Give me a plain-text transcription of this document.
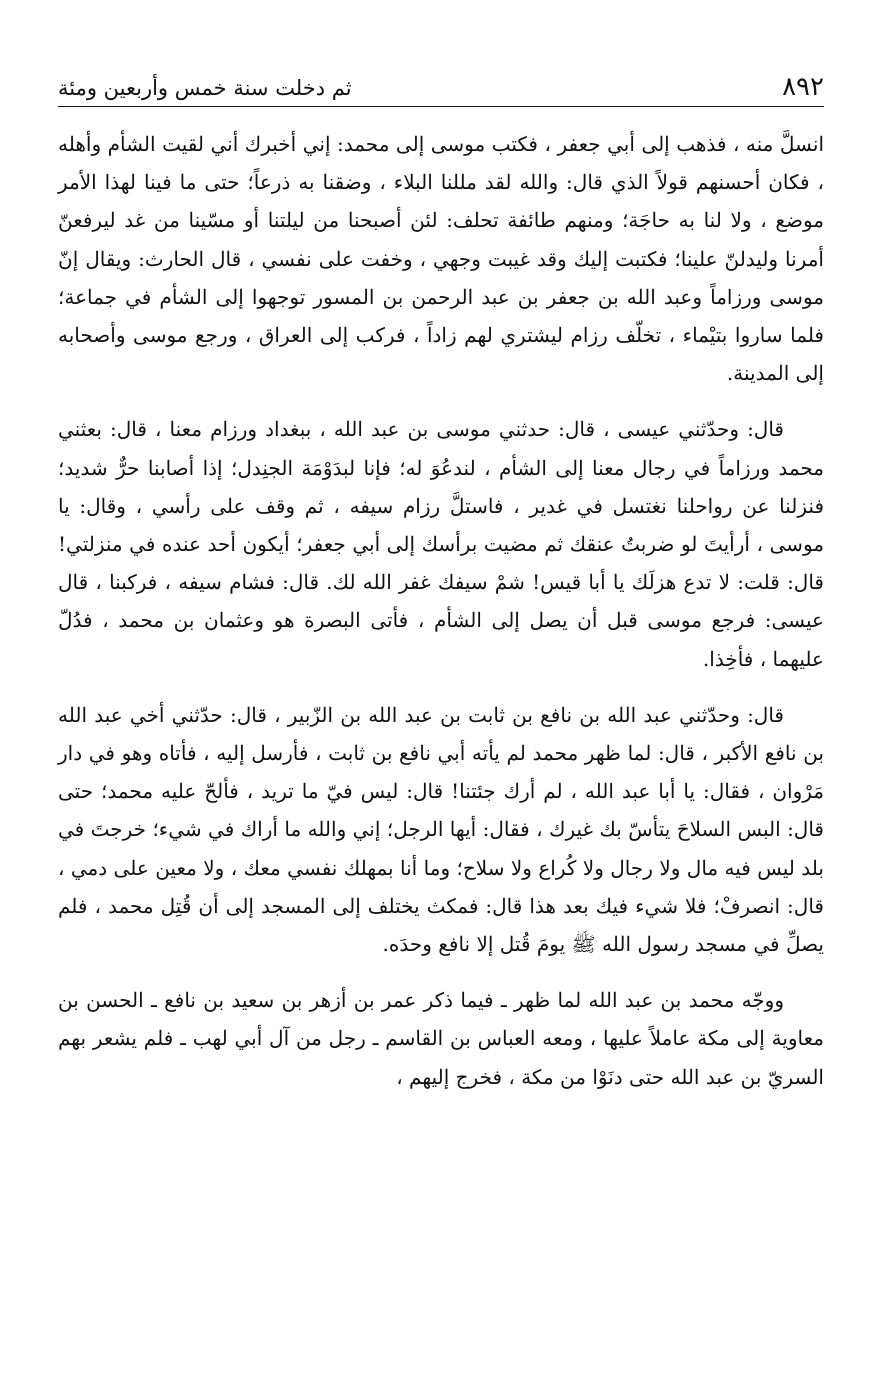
٨٩٢
ثم دخلت سنة خمس وأربعين ومئة

انسلَّ منه ، فذهب إلى أبي جعفر ، فكتب موسى إلى محمد: إني أخبرك أني لقيت الشأم وأهله ، فكان أحسنهم قولاً الذي قال: والله لقد مللنا البلاء ، وضقنا به ذرعاً؛ حتى ما فينا لهذا الأمر موضع ، ولا لنا به حاجَة؛ ومنهم طائفة تحلف: لئن أصبحنا من ليلتنا أو مسّينا من غد ليرفعنّ أمرنا وليدلنّ علينا؛ فكتبت إليك وقد غيبت وجهي ، وخفت على نفسي ، قال الحارث: ويقال إنّ موسى ورزاماً وعبد الله بن جعفر بن عبد الرحمن بن المسور توجهوا إلى الشأم في جماعة؛ فلما ساروا بتيْماء ، تخلّف رزام ليشتري لهم زاداً ، فركب إلى العراق ، ورجع موسى وأصحابه إلى المدينة.

قال: وحدّثني عيسى ، قال: حدثني موسى بن عبد الله ، ببغداد ورزام معنا ، قال: بعثني محمد ورزاماً في رجال معنا إلى الشأم ، لندعُوَ له؛ فإنا لبدَوْمَة الجنِدل؛ إذا أصابنا حرٌّ شديد؛ فنزلنا عن رواحلنا نغتسل في غدير ، فاستلَّ رزام سيفه ، ثم وقف على رأسي ، وقال: يا موسى ، أرأيتَ لو ضربتُ عنقك ثم مضيت برأسك إلى أبي جعفر؛ أيكون أحد عنده في منزلتي! قال: قلت: لا تدع هزلَك يا أبا قيس! شمْ سيفك غفر الله لك. قال: فشام سيفه ، فركبنا ، قال عيسى: فرجع موسى قبل أن يصل إلى الشأم ، فأتى البصرة هو وعثمان بن محمد ، فدُلّ عليهما ، فأخِذا.

قال: وحدّثني عبد الله بن نافع بن ثابت بن عبد الله بن الزّبير ، قال: حدّثني أخي عبد الله بن نافع الأكبر ، قال: لما ظهر محمد لم يأته أبي نافع بن ثابت ، فأرسل إليه ، فأتاه وهو في دار مَرْوان ، فقال: يا أبا عبد الله ، لم أرك جئتنا! قال: ليس فيّ ما تريد ، فألحّ عليه محمد؛ حتى قال: البس السلاحَ يتأسّ بك غيرك ، فقال: أيها الرجل؛ إني والله ما أراك في شيء؛ خرجتَ في بلد ليس فيه مال ولا رجال ولا كُراع ولا سلاح؛ وما أنا بمهلك نفسي معك ، ولا معين على دمي ، قال: انصرفْ؛ فلا شيء فيك بعد هذا قال: فمكث يختلف إلى المسجد إلى أن قُتِل محمد ، فلم يصلِّ في مسجد رسول الله ﷺ يومَ قُتل إلا نافع وحدَه.

ووجّه محمد بن عبد الله لما ظهر ـ فيما ذكر عمر بن أزهر بن سعيد بن نافع ـ الحسن بن معاوية إلى مكة عاملاً عليها ، ومعه العباس بن القاسم ـ رجل من آل أبي لهب ـ فلم يشعر بهم السريّ بن عبد الله حتى دنَوْا من مكة ، فخرج إليهم ،
